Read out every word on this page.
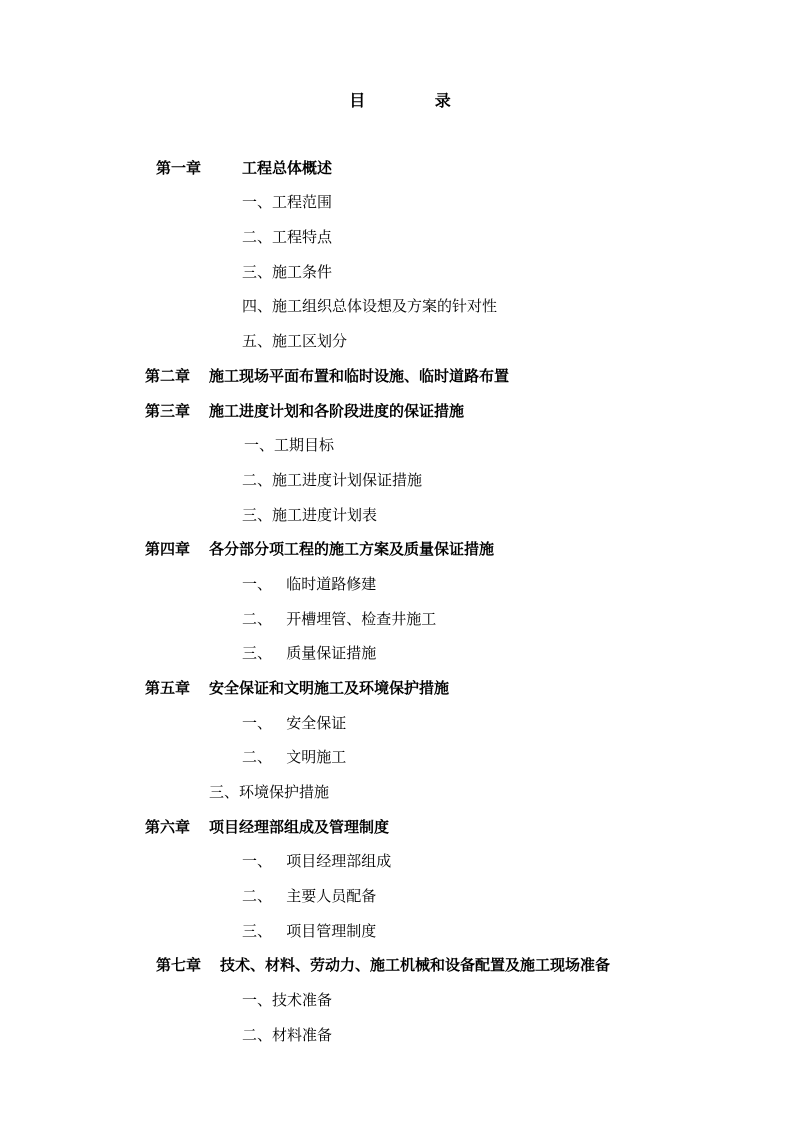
目 录
第一章	工程总体概述
一、工程范围
二、工程特点
三、施工条件
四、施工组织总体设想及方案的针对性
五、施工区划分
第二章 施工现场平面布置和临时设施、临时道路布置
第三章 施工进度计划和各阶段进度的保证措施
一、工期目标
二、施工进度计划保证措施
三、施工进度计划表
第四章 各分部分项工程的施工方案及质量保证措施
一、   临时道路修建
二、   开槽埋管、检查井施工
三、   质量保证措施
第五章 安全保证和文明施工及环境保护措施
一、   安全保证
二、   文明施工
三、环境保护措施
第六章 项目经理部组成及管理制度
一、   项目经理部组成
二、   主要人员配备
三、   项目管理制度
第七章 技术、材料、劳动力、施工机械和设备配置及施工现场准备
一、技术准备
二、材料准备
